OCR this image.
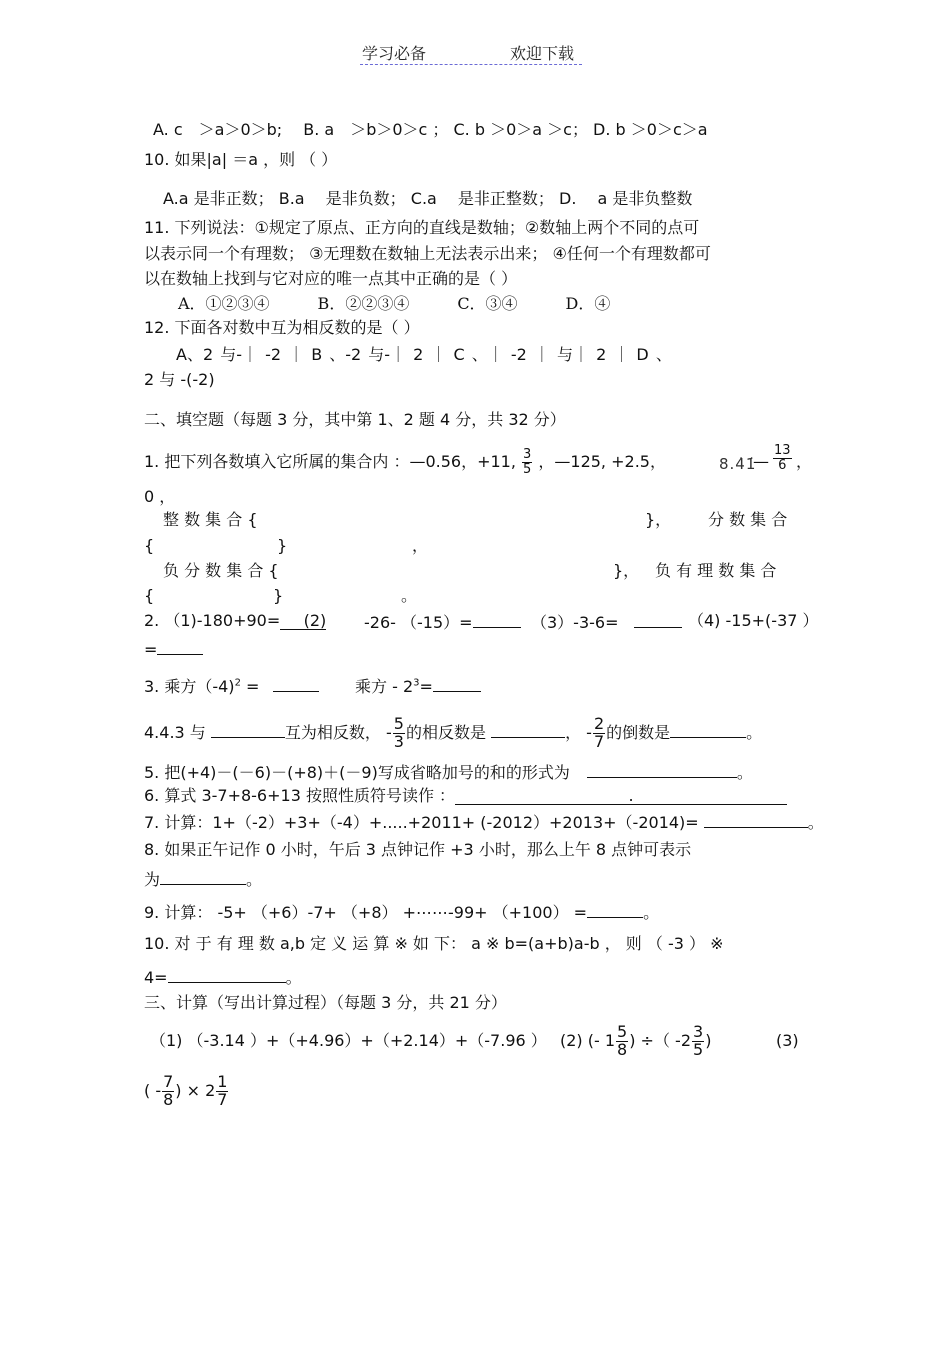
学习必备	欢迎下载
A. c　＞a＞0＞b;　 B. a　＞b＞0＞c ； C. b ＞0＞a ＞c； D. b ＞0＞c＞a
10. 如果|a| ＝a ，则 （ ）
A.a 是非正数； B.a　 是非负数； C.a　 是非正整数； D.　 a 是非负整数
11. 下列说法：①规定了原点、正方向的直线是数轴；②数轴上两个不同的点可
以表示同一个有理数； ③无理数在数轴上无法表示出来； ④任何一个有理数都可
以在数轴上找到与它对应的唯一点其中正确的是（ ）
A．①②③④　　　B．②②③④　　　C．③④　　　D．④
12. 下面各对数中互为相反数的是（ ）
A、2 与-｜ -2 ｜ B 、-2 与-｜ 2 ｜ C 、｜ -2 ｜ 与｜ 2 ｜ D 、
2 与 -(-2)
二、填空题（每题 3 分，其中第 1、2 题 4 分，共 32 分）
1. 把下列各数填入它所属的集合内 ：—0.56，+11, $\frac{3}{5}$ ，—125, +2.5，	8.4̇1̇
— $\frac{13}{6}$ ，
0 ，
整 数 集 合 {	}， 分 数 集 合
{	}	，
负 分 数 集 合 {	}， 负 有 理 数 集 合
{	}	。
2. （1)-180+90= (2) -26- （-15）=	（3）-3-6=	（4) -15+(-37 ）
=
3. 乘方（-4)$^2$ =	乘方 - $2^3=$
4.4.3 与	互为相反数， - $\frac{5}{3}$ 的相反数是	， - $\frac{2}{7}$ 的倒数是	。
5. 把(+4)－(－6)－(+8)＋(－9)写成省略加号的和的形式为	。
6. 算式 3-7+8-6+13 按照性质符号读作 ：	.
7. 计算：1+（-2）+3+（-4）+.....+2011+ (-2012）+2013+（-2014)=	。
8. 如果正午记作 0 小时，午后 3 点钟记作 +3 小时，那么上午 8 点钟可表示
为	。
9. 计算： -5+ （+6）-7+ （+8） +⋯⋯-99+ （+100） =	。
10. 对 于 有 理 数 a,b 定 义 运 算 ※ 如 下： a ※ b=(a+b)a-b ， 则 （ -3 ） ※
4=	。
三、计算（写出计算过程）（每题 3 分，共 21 分）
（1) （-3.14 ）+（+4.96）+（+2.14）+（-7.96 ） (2) (- $1 \frac{5}{8}$ ) ÷（ $-2 \frac{3}{5}$ )	(3)
( - $\frac{7}{8}$ ) × $2 \frac{1}{7}$
